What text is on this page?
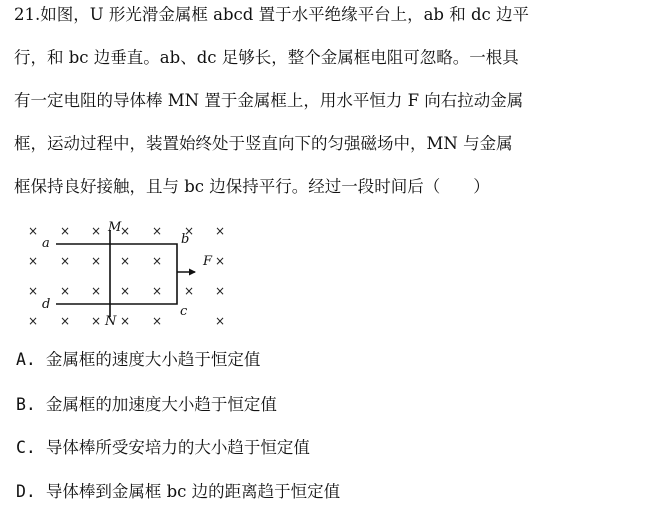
21.如图，U 形光滑金属框 abcd 置于水平绝缘平台上，ab 和 dc 边平
行，和 bc 边垂直。ab、dc 足够长，整个金属框电阻可忽略。一根具
有一定电阻的导体棒 MN 置于金属框上，用水平恒力 F 向右拉动金属
框，运动过程中，装置始终处于竖直向下的匀强磁场中，MN 与金属
框保持良好接触，且与 bc 边保持平行。经过一段时间后（　　）
× × × × × × ×
× × × × ×	×
× × × × × × ×
× × × × ×	×
a	b
c
d
M
N
F
A. 金属框的速度大小趋于恒定值
B. 金属框的加速度大小趋于恒定值
C. 导体棒所受安培力的大小趋于恒定值
D. 导体棒到金属框 bc 边的距离趋于恒定值
